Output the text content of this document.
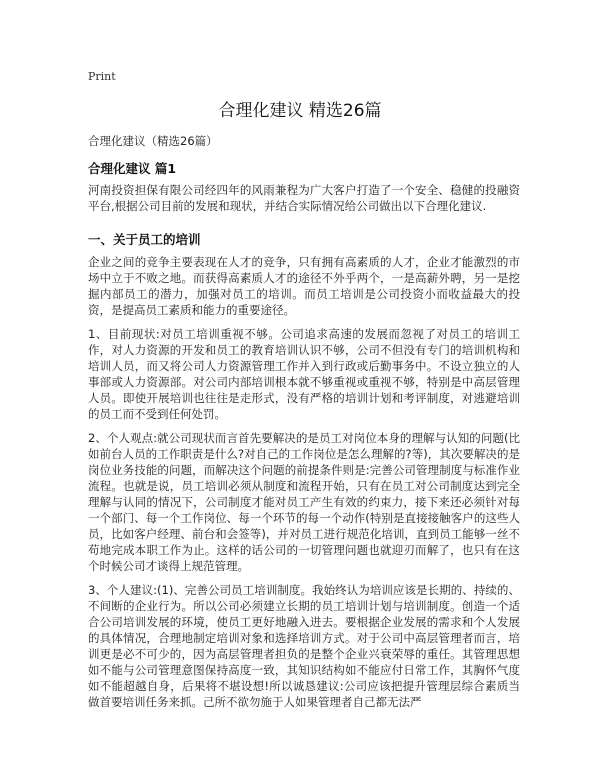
Print
合理化建议 精选26篇
合理化建议（精选26篇）
合理化建议 篇1

河南投资担保有限公司经四年的风雨兼程为广大客户打造了一个安全、稳健的投融资平台,根据公司目前的发展和现状，并结合实际情况给公司做出以下合理化建议.

一、关于员工的培训

企业之间的竞争主要表现在人才的竞争，只有拥有高素质的人才，企业才能激烈的市场中立于不败之地。而获得高素质人才的途径不外乎两个，一是高薪外聘，另一是挖掘内部员工的潜力，加强对员工的培训。而员工培训是公司投资小而收益最大的投资，是提高员工素质和能力的重要途径。

1、目前现状:对员工培训重视不够。公司追求高速的发展而忽视了对员工的培训工作，对人力资源的开发和员工的教育培训认识不够，公司不但没有专门的培训机构和培训人员，而又将公司人力资源管理工作并入到行政或后勤事务中。不设立独立的人事部或人力资源部。对公司内部培训根本就不够重视或重视不够，特别是中高层管理人员。即使开展培训也往往是走形式，没有严格的培训计划和考评制度，对逃避培训的员工而不受到任何处罚。

2、个人观点:就公司现状而言首先要解决的是员工对岗位本身的理解与认知的问题(比如前台人员的工作职责是什么?对自己的工作岗位是怎么理解的?等)，其次要解决的是岗位业务技能的问题，而解决这个问题的前提条件则是:完善公司管理制度与标准作业流程。也就是说，员工培训必须从制度和流程开始，只有在员工对公司制度达到完全理解与认同的情况下，公司制度才能对员工产生有效的约束力，接下来还必须针对每一个部门、每一个工作岗位、每一个环节的每一个动作(特别是直接接触客户的这些人员，比如客户经理、前台和会签等)，并对员工进行规范化培训，直到员工能够一丝不苟地完成本职工作为止。这样的话公司的一切管理问题也就迎刃而解了，也只有在这个时候公司才谈得上规范管理。

3、个人建议:(1)、完善公司员工培训制度。我始终认为培训应该是长期的、持续的、不间断的企业行为。所以公司必须建立长期的员工培训计划与培训制度。创造一个适合公司培训发展的环境，使员工更好地融入进去。要根据企业发展的需求和个人发展的具体情况，合理地制定培训对象和选择培训方式。对于公司中高层管理者而言，培训更是必不可少的，因为高层管理者担负的是整个企业兴衰荣辱的重任。其管理思想如不能与公司管理意图保持高度一致，其知识结构如不能应付日常工作，其胸怀气度如不能超越自身，后果将不堪设想!所以诚恳建议:公司应该把提升管理层综合素质当做首要培训任务来抓。己所不欲勿施于人如果管理者自己都无法严
